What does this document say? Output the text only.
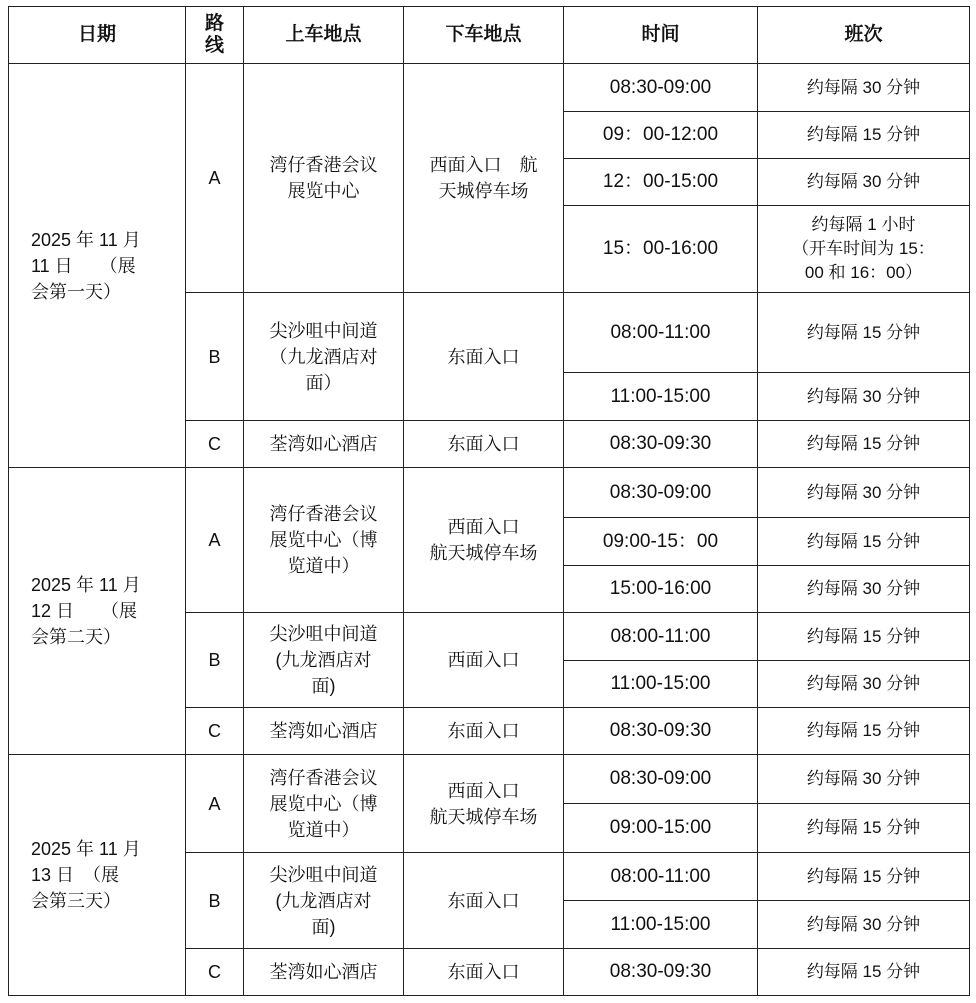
日期	路
线	上车地点	下车地点	时间	班次

2025 年 11 月
11 日　　（展
会第一天）	A	湾仔香港会议
展览中心	西面入口　航
天城停车场	08:30-09:00	约每隔 30 分钟

				09：00-12:00	约每隔 15 分钟

				12：00-15:00	约每隔 30 分钟

				15：00-16:00	约每隔 1 小时
（开车时间为 15：
00 和 16：00）

	B	尖沙咀中间道
（九龙酒店对
面）	东面入口	08:00-11:00	约每隔 15 分钟

				11:00-15:00	约每隔 30 分钟

	C	荃湾如心酒店	东面入口	08:30-09:30	约每隔 15 分钟

2025 年 11 月
12 日　　（展
会第二天）	A	湾仔香港会议
展览中心（博
览道中）	西面入口
航天城停车场	08:30-09:00	约每隔 30 分钟

				09:00-15：00	约每隔 15 分钟

				15:00-16:00	约每隔 30 分钟

	B	尖沙咀中间道
(九龙酒店对
面)	西面入口	08:00-11:00	约每隔 15 分钟

				11:00-15:00	约每隔 30 分钟

	C	荃湾如心酒店	东面入口	08:30-09:30	约每隔 15 分钟

2025 年 11 月
13 日　（展
会第三天）	A	湾仔香港会议
展览中心（博
览道中）	西面入口
航天城停车场	08:30-09:00	约每隔 30 分钟

				09:00-15:00	约每隔 15 分钟

	B	尖沙咀中间道
(九龙酒店对
面)	东面入口	08:00-11:00	约每隔 15 分钟

				11:00-15:00	约每隔 30 分钟

	C	荃湾如心酒店	东面入口	08:30-09:30	约每隔 15 分钟
